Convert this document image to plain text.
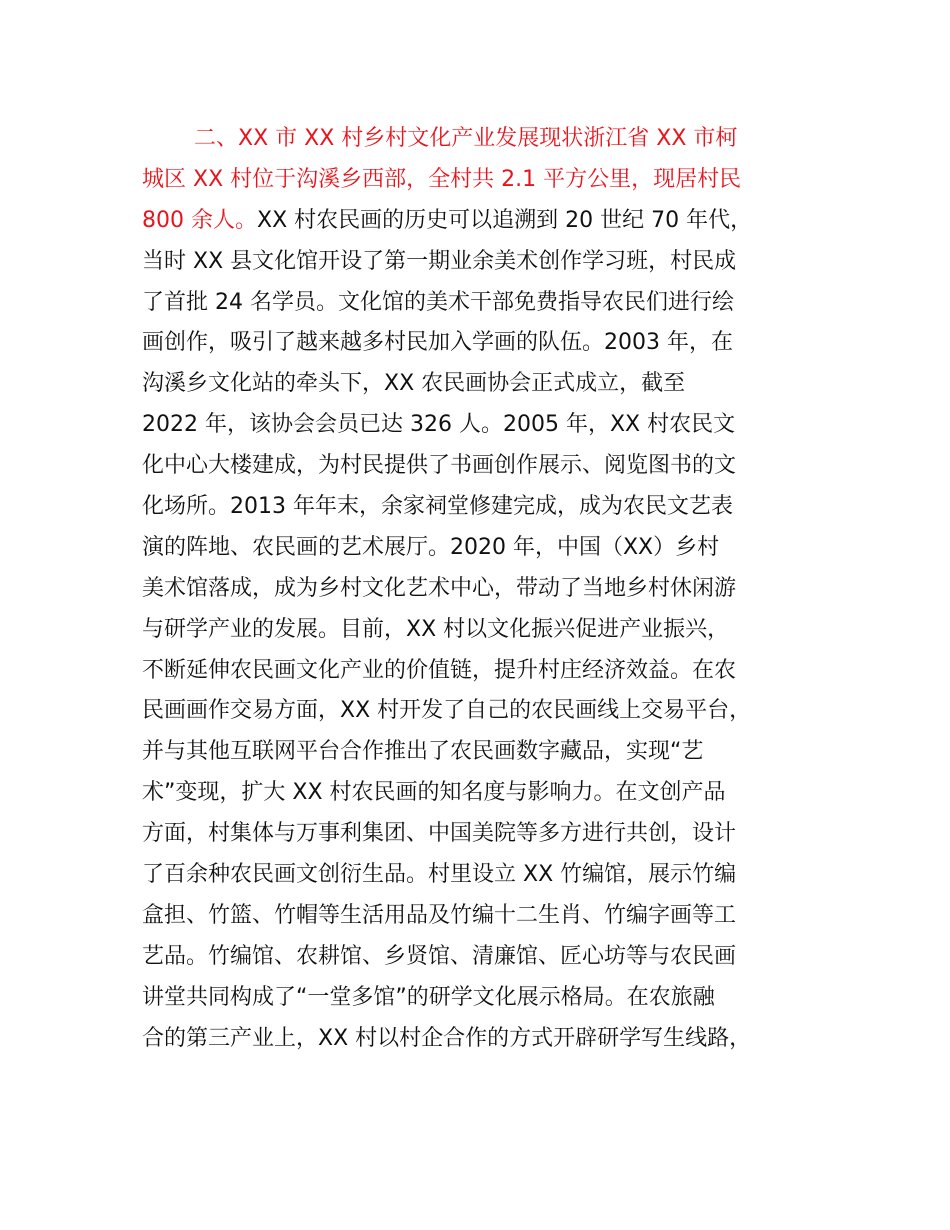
二、XX 市 XX 村乡村文化产业发展现状浙江省 XX 市柯
城区 XX 村位于沟溪乡西部，全村共 2.1 平方公里，现居村民
800 余人。XX 村农民画的历史可以追溯到 20 世纪 70 年代，
当时 XX 县文化馆开设了第一期业余美术创作学习班，村民成
了首批 24 名学员。文化馆的美术干部免费指导农民们进行绘
画创作，吸引了越来越多村民加入学画的队伍。2003 年，在
沟溪乡文化站的牵头下，XX 农民画协会正式成立，截至
2022 年，该协会会员已达 326 人。2005 年，XX 村农民文
化中心大楼建成，为村民提供了书画创作展示、阅览图书的文
化场所。2013 年年末，余家祠堂修建完成，成为农民文艺表
演的阵地、农民画的艺术展厅。2020 年，中国（XX）乡村
美术馆落成，成为乡村文化艺术中心，带动了当地乡村休闲游
与研学产业的发展。目前，XX 村以文化振兴促进产业振兴，
不断延伸农民画文化产业的价值链，提升村庄经济效益。在农
民画画作交易方面，XX 村开发了自己的农民画线上交易平台，
并与其他互联网平台合作推出了农民画数字藏品，实现“艺
术”变现，扩大 XX 村农民画的知名度与影响力。在文创产品
方面，村集体与万事利集团、中国美院等多方进行共创，设计
了百余种农民画文创衍生品。村里设立 XX 竹编馆，展示竹编
盒担、竹篮、竹帽等生活用品及竹编十二生肖、竹编字画等工
艺品。竹编馆、农耕馆、乡贤馆、清廉馆、匠心坊等与农民画
讲堂共同构成了“一堂多馆”的研学文化展示格局。在农旅融
合的第三产业上，XX 村以村企合作的方式开辟研学写生线路，
